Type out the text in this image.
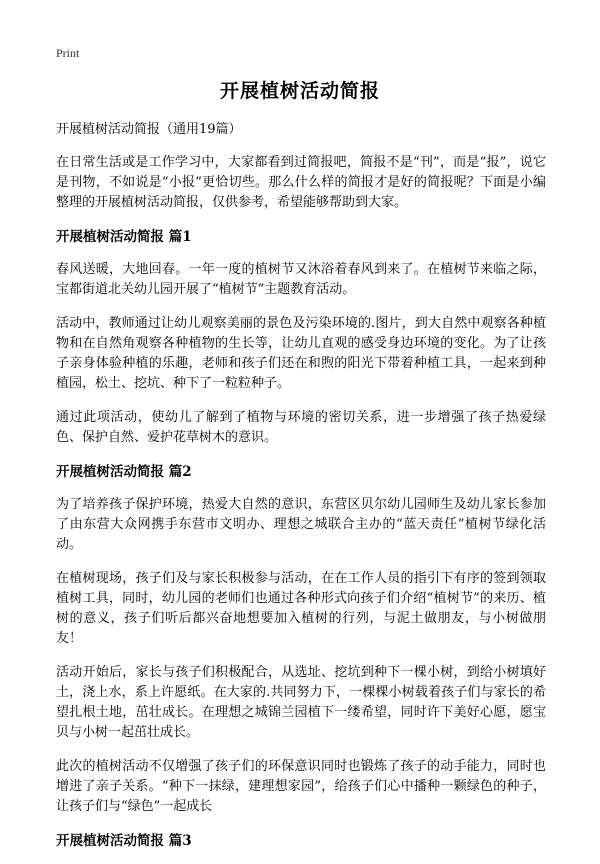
Print
开展植树活动简报

开展植树活动简报（通用19篇）

在日常生活或是工作学习中，大家都看到过简报吧，简报不是“刊”，而是“报”，说它是刊物，不如说是“小报”更恰切些。那么什么样的简报才是好的简报呢？下面是小编整理的开展植树活动简报，仅供参考，希望能够帮助到大家。

开展植树活动简报 篇1

春风送暖，大地回春。一年一度的植树节又沐浴着春风到来了。在植树节来临之际，宝都街道北关幼儿园开展了“植树节”主题教育活动。

活动中，教师通过让幼儿观察美丽的景色及污染环境的.图片，到大自然中观察各种植物和在自然角观察各种植物的生长等，让幼儿直观的感受身边环境的变化。为了让孩子亲身体验种植的乐趣，老师和孩子们还在和煦的阳光下带着种植工具，一起来到种植园，松土、挖坑、种下了一粒粒种子。

通过此项活动，使幼儿了解到了植物与环境的密切关系，进一步增强了孩子热爱绿色、保护自然、爱护花草树木的意识。

开展植树活动简报 篇2

为了培养孩子保护环境，热爱大自然的意识，东营区贝尔幼儿园师生及幼儿家长参加了由东营大众网携手东营市文明办、理想之城联合主办的“蓝天责任”植树节绿化活动。

在植树现场，孩子们及与家长积极参与活动，在在工作人员的指引下有序的签到领取植树工具，同时，幼儿园的老师们也通过各种形式向孩子们介绍“植树节”的来历、植树的意义，孩子们听后都兴奋地想要加入植树的行列，与泥土做朋友，与小树做朋友！

活动开始后，家长与孩子们积极配合，从选址、挖坑到种下一棵小树，到给小树填好土，浇上水，系上许愿纸。在大家的.共同努力下，一棵棵小树载着孩子们与家长的希望扎根土地，茁壮成长。在理想之城锦兰园植下一缕希望，同时许下美好心愿，愿宝贝与小树一起茁壮成长。

此次的植树活动不仅增强了孩子们的环保意识同时也锻炼了孩子的动手能力，同时也增进了亲子关系。“种下一抹绿，建理想家园”，给孩子们心中播种一颗绿色的种子，让孩子们与“绿色”一起成长

开展植树活动简报 篇3
